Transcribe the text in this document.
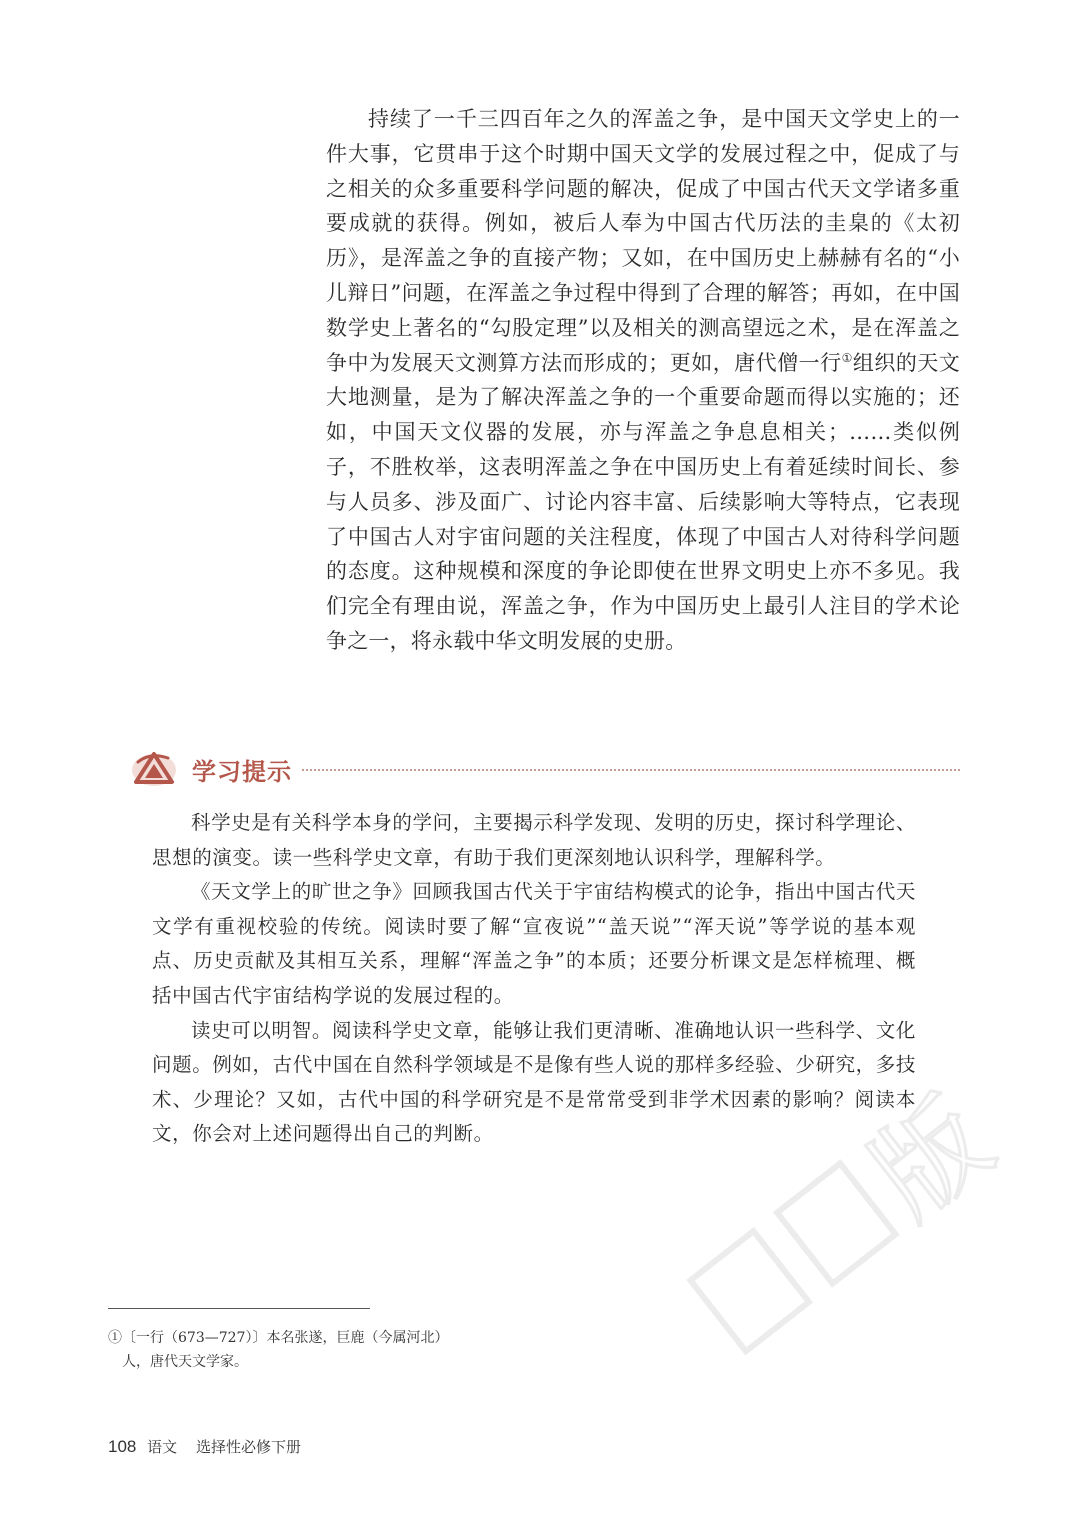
持续了一千三四百年之久的浑盖之争，是中国天文学史上的一件大事，它贯串于这个时期中国天文学的发展过程之中，促成了与之相关的众多重要科学问题的解决，促成了中国古代天文学诸多重要成就的获得。例如，被后人奉为中国古代历法的圭臬的《太初历》，是浑盖之争的直接产物；又如，在中国历史上赫赫有名的“小儿辩日”问题，在浑盖之争过程中得到了合理的解答；再如，在中国数学史上著名的“勾股定理”以及相关的测高望远之术，是在浑盖之争中为发展天文测算方法而形成的；更如，唐代僧一行①组织的天文大地测量，是为了解决浑盖之争的一个重要命题而得以实施的；还如，中国天文仪器的发展，亦与浑盖之争息息相关；……类似例子，不胜枚举，这表明浑盖之争在中国历史上有着延续时间长、参与人员多、涉及面广、讨论内容丰富、后续影响大等特点，它表现了中国古人对宇宙问题的关注程度，体现了中国古人对待科学问题的态度。这种规模和深度的争论即使在世界文明史上亦不多见。我们完全有理由说，浑盖之争，作为中国历史上最引人注目的学术论争之一，将永载中华文明发展的史册。

学习提示

科学史是有关科学本身的学问，主要揭示科学发现、发明的历史，探讨科学理论、思想的演变。读一些科学史文章，有助于我们更深刻地认识科学，理解科学。

《天文学上的旷世之争》回顾我国古代关于宇宙结构模式的论争，指出中国古代天文学有重视校验的传统。阅读时要了解“宣夜说”“盖天说”“浑天说”等学说的基本观点、历史贡献及其相互关系，理解“浑盖之争”的本质；还要分析课文是怎样梳理、概括中国古代宇宙结构学说的发展过程的。

读史可以明智。阅读科学史文章，能够让我们更清晰、准确地认识一些科学、文化问题。例如，古代中国在自然科学领域是不是像有些人说的那样多经验、少研究，多技术、少理论？又如，古代中国的科学研究是不是常常受到非学术因素的影响？阅读本文，你会对上述问题得出自己的判断。	版
①〔一行（673—727）〕本名张遂，巨鹿（今属河北）
人，唐代天文学家。
108 语文 选择性必修下册
